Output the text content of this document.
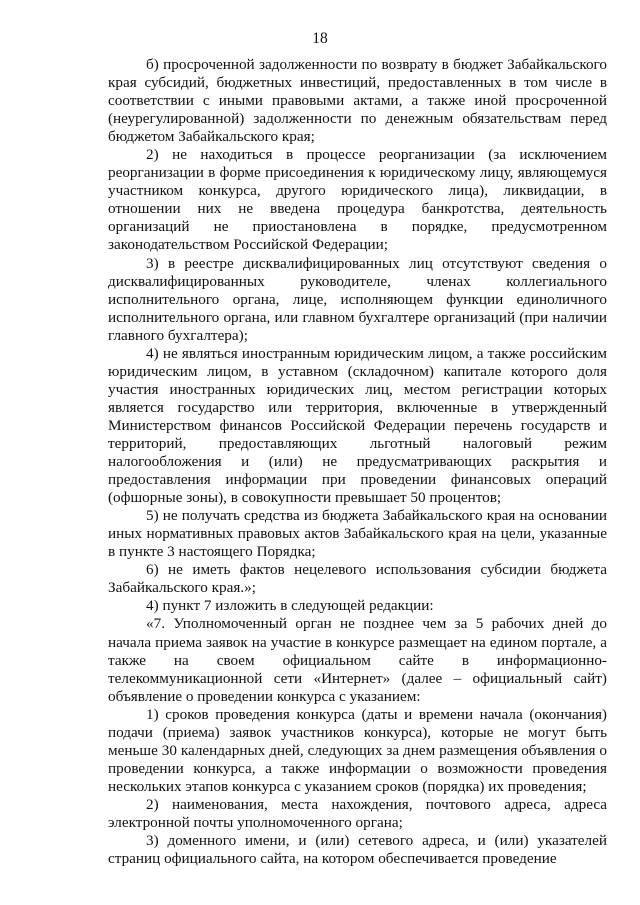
18

б) просроченной задолженности по возврату в бюджет Забайкальского края субсидий, бюджетных инвестиций, предоставленных в том числе в соответствии с иными правовыми актами, а также иной просроченной (неурегулированной) задолженности по денежным обязательствам перед бюджетом Забайкальского края;

2) не находиться в процессе реорганизации (за исключением реорганизации в форме присоединения к юридическому лицу, являющемуся участником конкурса, другого юридического лица), ликвидации, в отношении них не введена процедура банкротства, деятельность организаций не приостановлена в порядке, предусмотренном законодательством Российской Федерации;

3) в реестре дисквалифицированных лиц отсутствуют сведения о дисквалифицированных руководителе, членах коллегиального исполнительного органа, лице, исполняющем функции единоличного исполнительного органа, или главном бухгалтере организаций (при наличии главного бухгалтера);

4) не являться иностранным юридическим лицом, а также российским юридическим лицом, в уставном (складочном) капитале которого доля участия иностранных юридических лиц, местом регистрации которых является государство или территория, включенные в утвержденный Министерством финансов Российской Федерации перечень государств и территорий, предоставляющих льготный налоговый режим налогообложения и (или) не предусматривающих раскрытия и предоставления информации при проведении финансовых операций (офшорные зоны), в совокупности превышает 50 процентов;

5) не получать средства из бюджета Забайкальского края на основании иных нормативных правовых актов Забайкальского края на цели, указанные в пункте 3 настоящего Порядка;

6) не иметь фактов нецелевого использования субсидии бюджета Забайкальского края.»;

4) пункт 7 изложить в следующей редакции:

«7. Уполномоченный орган не позднее чем за 5 рабочих дней до начала приема заявок на участие в конкурсе размещает на едином портале, а также на своем официальном сайте в информационно-телекоммуникационной сети «Интернет» (далее – официальный сайт) объявление о проведении конкурса с указанием:

1) сроков проведения конкурса (даты и времени начала (окончания) подачи (приема) заявок участников конкурса), которые не могут быть меньше 30 календарных дней, следующих за днем размещения объявления о проведении конкурса, а также информации о возможности проведения нескольких этапов конкурса с указанием сроков (порядка) их проведения;

2) наименования, места нахождения, почтового адреса, адреса электронной почты уполномоченного органа;

3) доменного имени, и (или) сетевого адреса, и (или) указателей страниц официального сайта, на котором обеспечивается проведение
